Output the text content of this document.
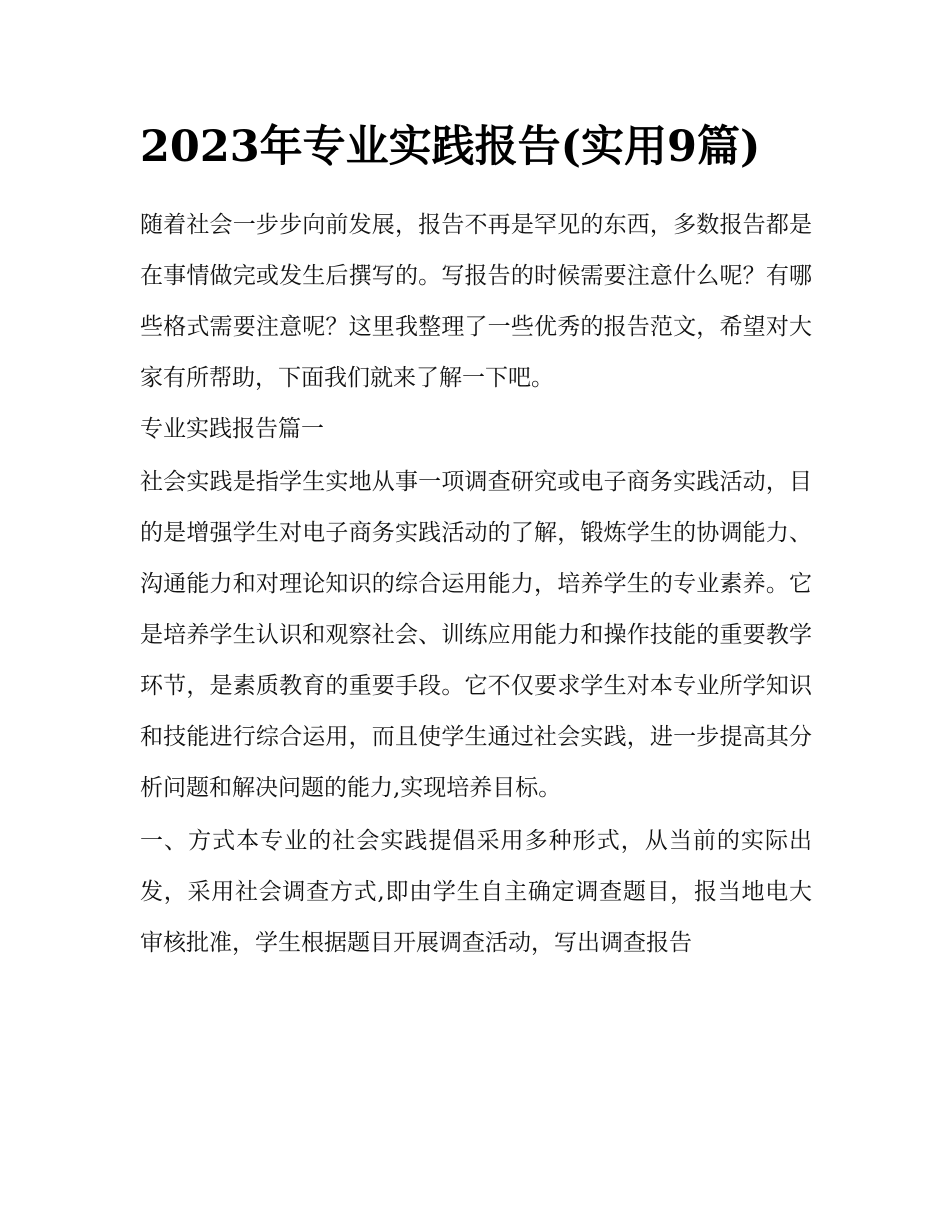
2023年专业实践报告(实用9篇)

随着社会一步步向前发展，报告不再是罕见的东西，多数报告都是在事情做完或发生后撰写的。写报告的时候需要注意什么呢？有哪些格式需要注意呢？这里我整理了一些优秀的报告范文，希望对大家有所帮助，下面我们就来了解一下吧。

专业实践报告篇一

社会实践是指学生实地从事一项调查研究或电子商务实践活动，目的是增强学生对电子商务实践活动的了解，锻炼学生的协调能力、沟通能力和对理论知识的综合运用能力，培养学生的专业素养。它是培养学生认识和观察社会、训练应用能力和操作技能的重要教学环节，是素质教育的重要手段。它不仅要求学生对本专业所学知识和技能进行综合运用，而且使学生通过社会实践，进一步提高其分析问题和解决问题的能力,实现培养目标。

一、方式本专业的社会实践提倡采用多种形式，从当前的实际出发，采用社会调查方式,即由学生自主确定调查题目，报当地电大审核批准，学生根据题目开展调查活动，写出调查报告
